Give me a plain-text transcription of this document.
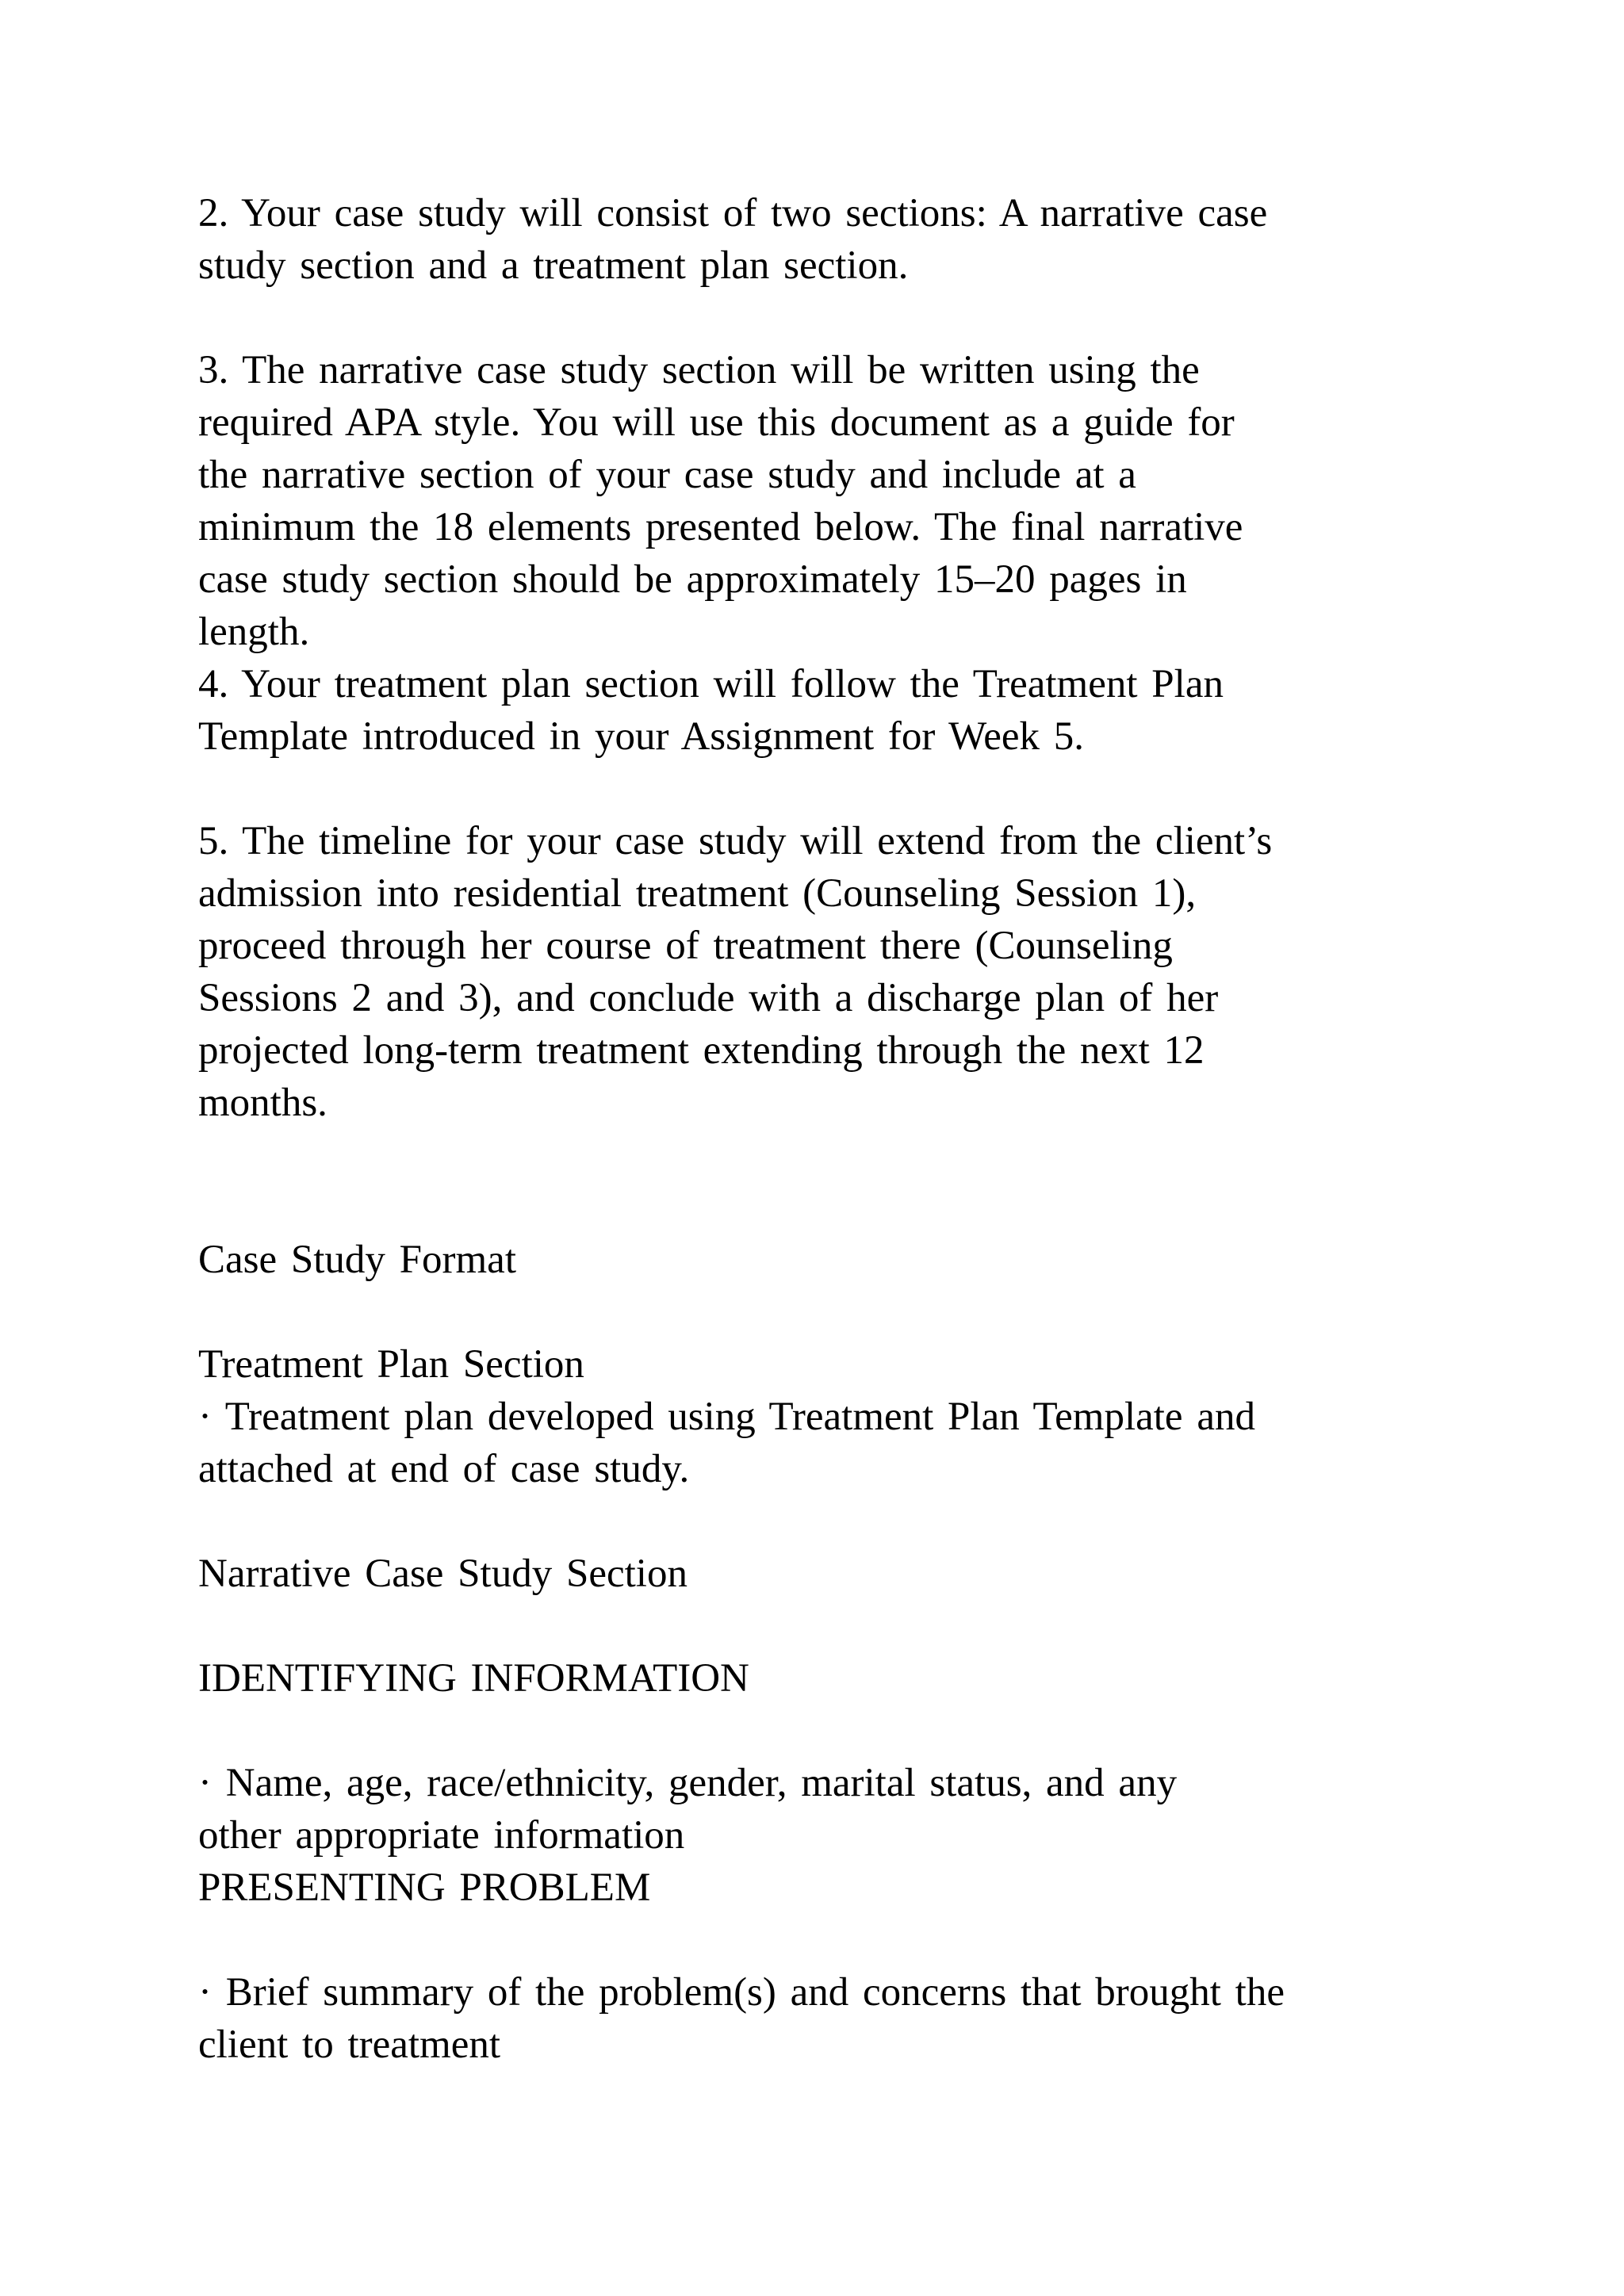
2. Your case study will consist of two sections: A narrative case
study section and a treatment plan section.

3. The narrative case study section will be written using the
required APA style. You will use this document as a guide for
the narrative section of your case study and include at a
minimum the 18 elements presented below. The final narrative
case study section should be approximately 15–20 pages in
length.

4. Your treatment plan section will follow the Treatment Plan
Template introduced in your Assignment for Week 5.

5. The timeline for your case study will extend from the client’s
admission into residential treatment (Counseling Session 1),
proceed through her course of treatment there (Counseling
Sessions 2 and 3), and conclude with a discharge plan of her
projected long-term treatment extending through the next 12
months.

Case Study Format

Treatment Plan Section

· Treatment plan developed using Treatment Plan Template and
attached at end of case study.

Narrative Case Study Section

IDENTIFYING INFORMATION

· Name, age, race/ethnicity, gender, marital status, and any
other appropriate information

PRESENTING PROBLEM

· Brief summary of the problem(s) and concerns that brought the
client to treatment
